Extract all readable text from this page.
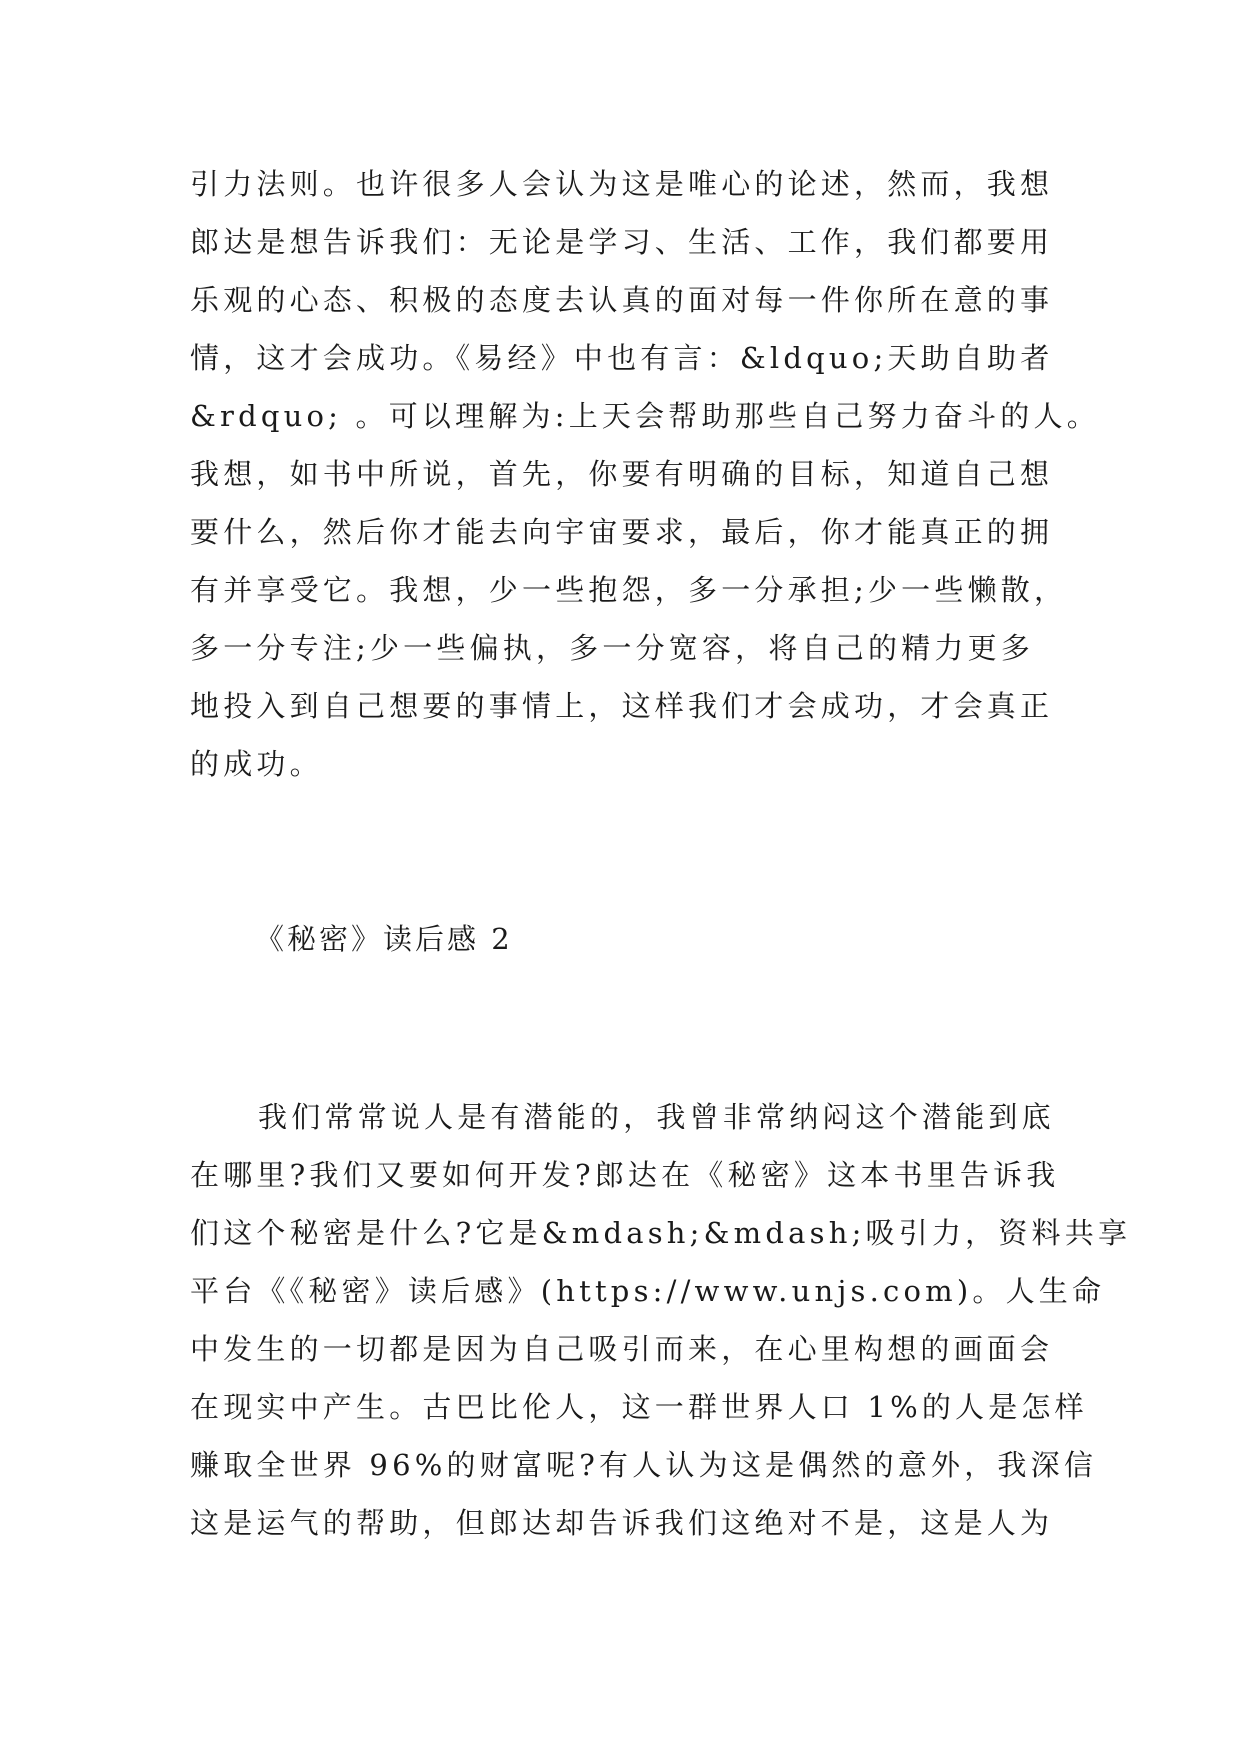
引力法则。也许很多人会认为这是唯心的论述，然而，我想
郎达是想告诉我们：无论是学习、生活、工作，我们都要用
乐观的心态、积极的态度去认真的面对每一件你所在意的事
情，这才会成功。《易经》中也有言：&ldquo;天助自助者
&rdquo; 。可以理解为:上天会帮助那些自己努力奋斗的人。
我想，如书中所说，首先，你要有明确的目标，知道自己想
要什么，然后你才能去向宇宙要求，最后，你才能真正的拥
有并享受它。我想，少一些抱怨，多一分承担;少一些懒散，
多一分专注;少一些偏执，多一分宽容，将自己的精力更多
地投入到自己想要的事情上，这样我们才会成功，才会真正
的成功。
《秘密》读后感 2
我们常常说人是有潜能的，我曾非常纳闷这个潜能到底
在哪里?我们又要如何开发?郎达在《秘密》这本书里告诉我
们这个秘密是什么?它是&mdash;&mdash;吸引力，资料共享
平台《《秘密》读后感》(https://www.unjs.com)。人生命
中发生的一切都是因为自己吸引而来，在心里构想的画面会
在现实中产生。古巴比伦人，这一群世界人口 1%的人是怎样
赚取全世界 96%的财富呢?有人认为这是偶然的意外，我深信
这是运气的帮助，但郎达却告诉我们这绝对不是，这是人为
